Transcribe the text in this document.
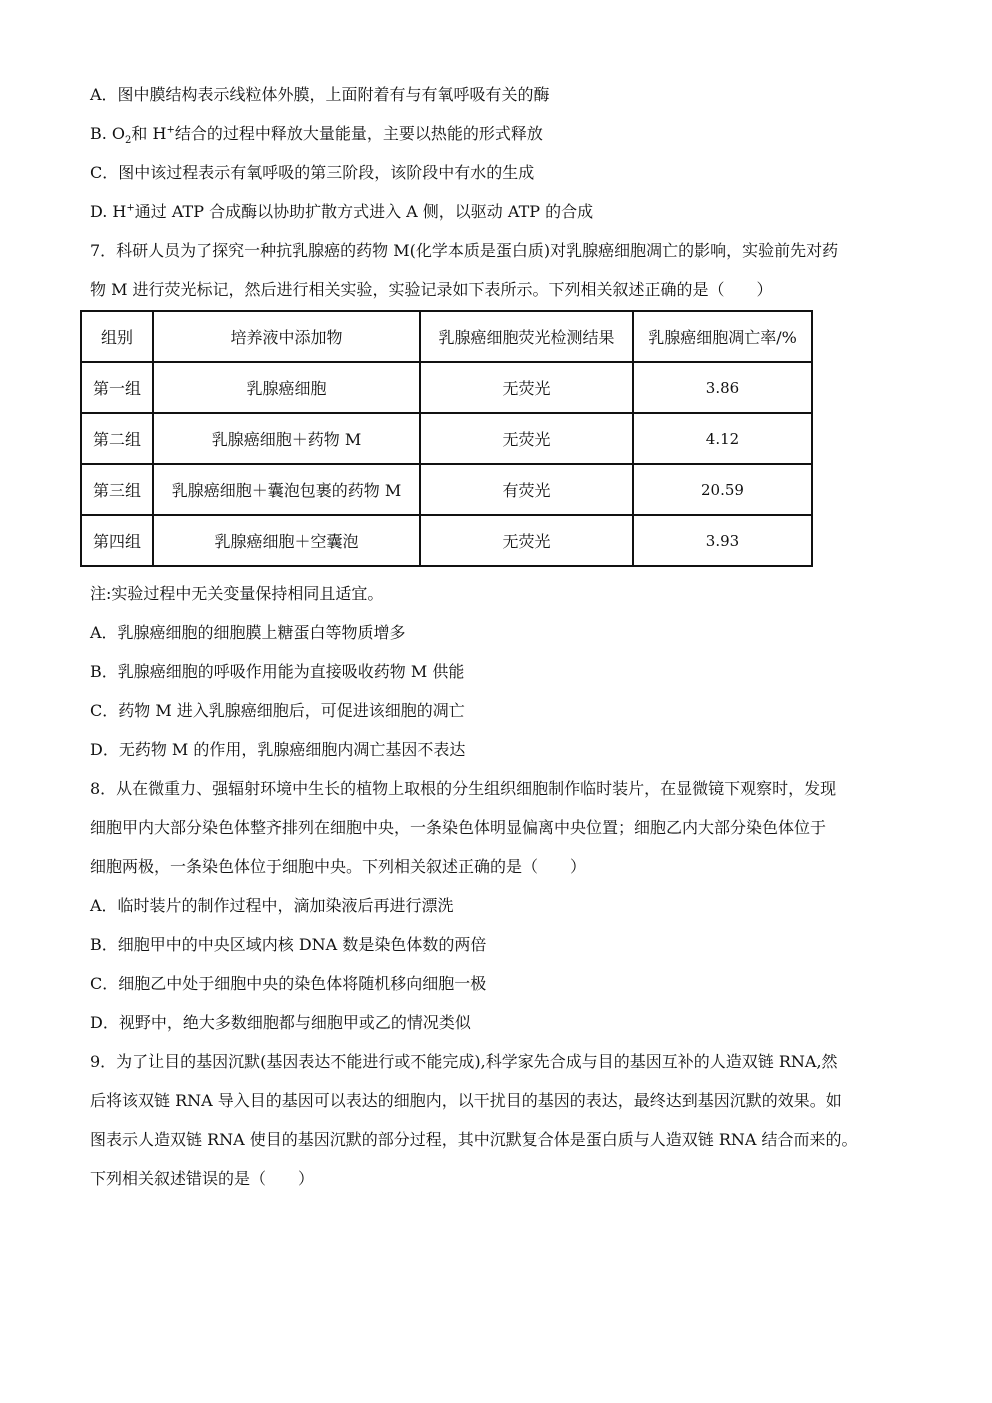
A．图中膜结构表示线粒体外膜，上面附着有与有氧呼吸有关的酶
B. $O_2$和 H+结合的过程中释放大量能量，主要以热能的形式释放
C．图中该过程表示有氧呼吸的第三阶段，该阶段中有水的生成
D. H+通过 ATP 合成酶以协助扩散方式进入 A 侧，以驱动 ATP 的合成
7．科研人员为了探究一种抗乳腺癌的药物 M(化学本质是蛋白质)对乳腺癌细胞凋亡的影响，实验前先对药
物 M 进行荧光标记，然后进行相关实验，实验记录如下表所示。下列相关叙述正确的是（　　）
组别	培养液中添加物	乳腺癌细胞荧光检测结果	乳腺癌细胞凋亡率/%
第一组	乳腺癌细胞	无荧光	3.86
第二组	乳腺癌细胞＋药物 M	无荧光	4.12
第三组	乳腺癌细胞＋囊泡包裹的药物 M	有荧光	20.59
第四组	乳腺癌细胞＋空囊泡	无荧光	3.93
注:实验过程中无关变量保持相同且适宜。
A．乳腺癌细胞的细胞膜上糖蛋白等物质增多
B．乳腺癌细胞的呼吸作用能为直接吸收药物 M 供能
C．药物 M 进入乳腺癌细胞后，可促进该细胞的凋亡
D．无药物 M 的作用，乳腺癌细胞内凋亡基因不表达
8．从在微重力、强辐射环境中生长的植物上取根的分生组织细胞制作临时装片，在显微镜下观察时，发现
细胞甲内大部分染色体整齐排列在细胞中央，一条染色体明显偏离中央位置；细胞乙内大部分染色体位于
细胞两极，一条染色体位于细胞中央。下列相关叙述正确的是（　　）
A．临时装片的制作过程中，滴加染液后再进行漂洗
B．细胞甲中的中央区域内核 DNA 数是染色体数的两倍
C．细胞乙中处于细胞中央的染色体将随机移向细胞一极
D．视野中，绝大多数细胞都与细胞甲或乙的情况类似
9．为了让目的基因沉默(基因表达不能进行或不能完成),科学家先合成与目的基因互补的人造双链 RNA,然
后将该双链 RNA 导入目的基因可以表达的细胞内，以干扰目的基因的表达，最终达到基因沉默的效果。如
图表示人造双链 RNA 使目的基因沉默的部分过程，其中沉默复合体是蛋白质与人造双链 RNA 结合而来的。
下列相关叙述错误的是（　　）
